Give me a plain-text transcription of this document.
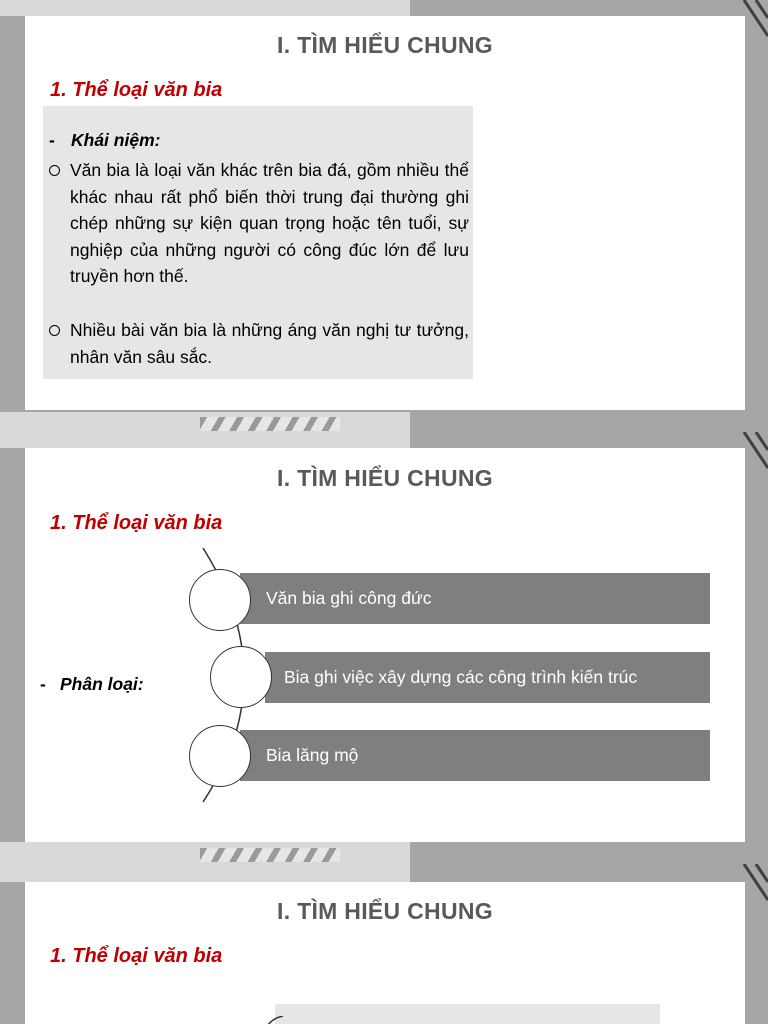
I. TÌM HIỂU CHUNG
1. Thể loại văn bia
- Khái niệm:
Văn bia là loại văn khác trên bia đá, gồm nhiều thể khác nhau rất phổ biến thời trung đại thường ghi chép những sự kiện quan trọng hoặc tên tuổi, sự nghiệp của những người có công đúc lớn để lưu truyền hơn thế.
Nhiều bài văn bia là những áng văn nghị tư tưởng, nhân văn sâu sắc.
I. TÌM HIỂU CHUNG
1. Thể loại văn bia
- Phân loại:
Văn bia ghi công đức
Bia ghi việc xây dựng các công trình kiến trúc
Bia lăng mộ
I. TÌM HIỂU CHUNG
1. Thể loại văn bia
